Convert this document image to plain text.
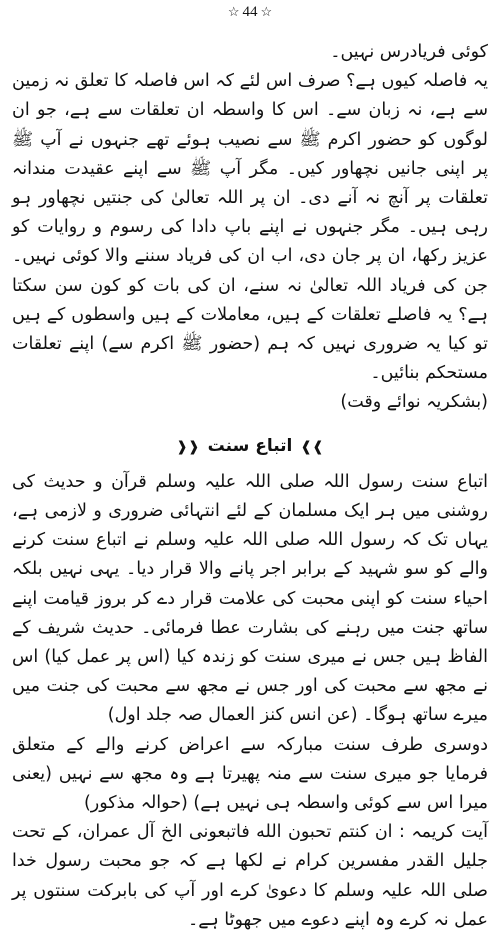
☆ 44 ☆

کوئی فریادرس نہیں۔

یہ فاصلہ کیوں ہے؟ صرف اس لئے کہ اس فاصلہ کا تعلق نہ زمین سے ہے، نہ زبان سے۔ اس کا واسطہ ان تعلقات سے ہے، جو ان لوگوں کو حضور اکرم ﷺ سے نصیب ہوئے تھے جنہوں نے آپ ﷺ پر اپنی جانیں نچھاور کیں۔ مگر آپ ﷺ سے اپنے عقیدت مندانہ تعلقات پر آنچ نہ آنے دی۔ ان پر اللہ تعالیٰ کی جنتیں نچھاور ہو رہی ہیں۔ مگر جنہوں نے اپنے باپ دادا کی رسوم و روایات کو عزیز رکھا، ان پر جان دی، اب ان کی فریاد سننے والا کوئی نہیں۔ جن کی فریاد اللہ تعالیٰ نہ سنے، ان کی بات کو کون سن سکتا ہے؟ یہ فاصلے تعلقات کے ہیں، معاملات کے ہیں واسطوں کے ہیں تو کیا یہ ضروری نہیں کہ ہم (حضور ﷺ اکرم سے) اپنے تعلقات مستحکم بنائیں۔

(بشکریہ نوائے وقت)

❱❱اتباع سنت❰❰

اتباع سنت رسول اللہ صلی اللہ علیہ وسلم قرآن و حدیث کی روشنی میں ہر ایک مسلمان کے لئے انتہائی ضروری و لازمی ہے، یہاں تک کہ رسول اللہ صلی اللہ علیہ وسلم نے اتباع سنت کرنے والے کو سو شہید کے برابر اجر پانے والا قرار دیا۔ یہی نہیں بلکہ احیاء سنت کو اپنی محبت کی علامت قرار دے کر بروز قیامت اپنے ساتھ جنت میں رہنے کی بشارت عطا فرمائی۔ حدیث شریف کے الفاظ ہیں جس نے میری سنت کو زندہ کیا (اس پر عمل کیا) اس نے مجھ سے محبت کی اور جس نے مجھ سے محبت کی جنت میں میرے ساتھ ہوگا۔ (عن انس کنز العمال صہ جلد اول)

دوسری طرف سنت مبارکہ سے اعراض کرنے والے کے متعلق فرمایا جو میری سنت سے منہ پھیرتا ہے وہ مجھ سے نہیں (یعنی میرا اس سے کوئی واسطہ ہی نہیں ہے) (حوالہ مذکور)

آیت کریمہ : ان کنتم تحبون الله فاتبعونی الخ آل عمران، کے تحت جلیل القدر مفسرین کرام نے لکھا ہے کہ جو محبت رسول خدا صلی اللہ علیہ وسلم کا دعویٰ کرے اور آپ کی بابرکت سنتوں پر عمل نہ کرے وہ اپنے دعوے میں جھوٹا ہے۔
